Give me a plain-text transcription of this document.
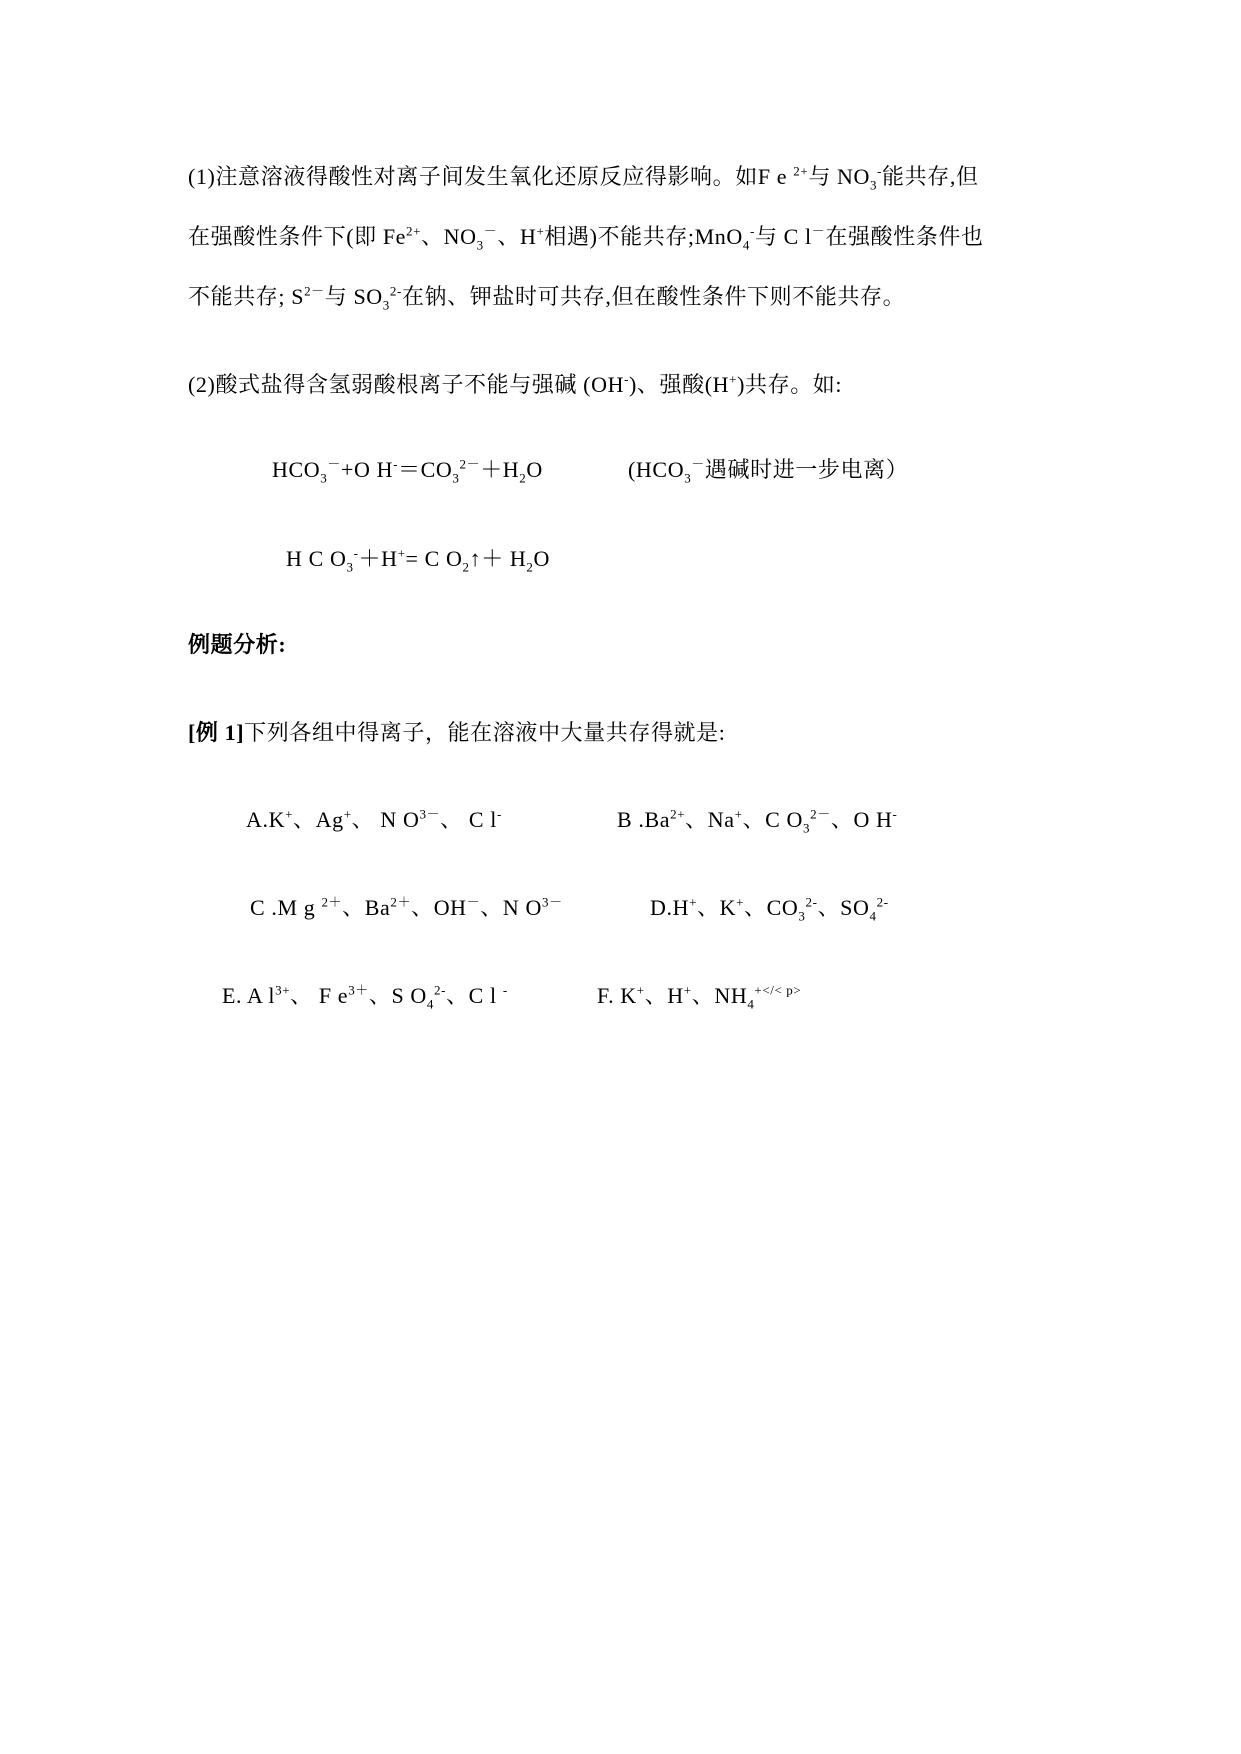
(1)注意溶液得酸性对离子间发生氧化还原反应得影响。如F e $^{2+}$与 $NO_3^-$能共存,但
在强酸性条件下(即 $Fe^{2+}$、$NO_3^-$、H+相遇)不能共存;MnO$_4$-与 C l－在强酸性条件也
不能共存; $S^{2-}$与 $SO_3^{2-}$在钠、钾盐时可共存,但在酸性条件下则不能共存。
(2)酸式盐得含氢弱酸根离子不能与强碱 (OH-)、强酸(H+)共存。如:
$HCO_3^-+O$ $H^-=CO_3^{2-}+H_2O$	($HCO_3^-$遇碱时进一步电离）
H C $O_3^-+H^+= C$ $O_2↑+ H_2O$
例题分析:
[例 1]下列各组中得离子，能在溶液中大量共存得就是:
A.K+、Ag+、 N $O^{3-}$、 C l-	B $.Ba^{2+}$、Na+、C $O_3^{2-}$、O H-
C .M g $^{2+}$、$Ba^{2+}$、OH－、N $O^{3-}$	D.H+、K+、$CO_3^{2-}$、$SO_4^{2-}$
E. A $l^{3+}$、 F $e^{3+}$、S $O_4^{2-}$、C l -	F. K+、H+、$NH_4^{+</< p>}$
